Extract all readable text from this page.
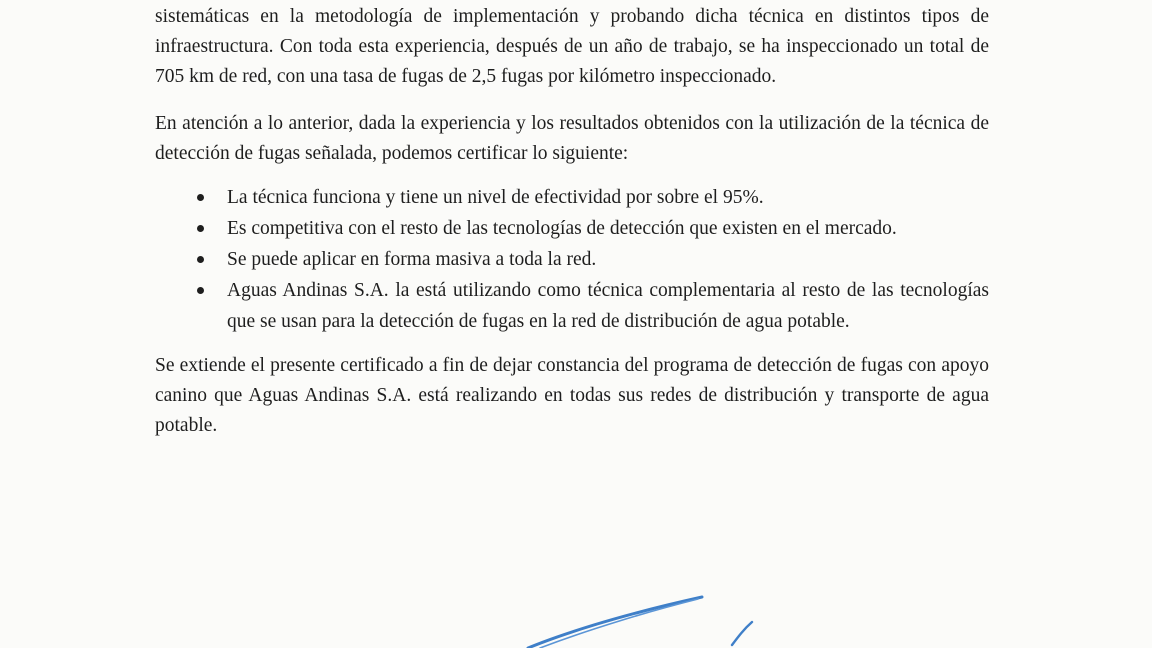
sistemáticas en la metodología de implementación y probando dicha técnica en distintos tipos de infraestructura. Con toda esta experiencia, después de un año de trabajo, se ha inspeccionado un total de 705 km de red, con una tasa de fugas de 2,5 fugas por kilómetro inspeccionado.

En atención a lo anterior, dada la experiencia y los resultados obtenidos con la utilización de la técnica de detección de fugas señalada, podemos certificar lo siguiente:

La técnica funciona y tiene un nivel de efectividad por sobre el 95%.
Es competitiva con el resto de las tecnologías de detección que existen en el mercado.
Se puede aplicar en forma masiva a toda la red.
Aguas Andinas S.A. la está utilizando como técnica complementaria al resto de las tecnologías que se usan para la detección de fugas en la red de distribución de agua potable.

Se extiende el presente certificado a fin de dejar constancia del programa de detección de fugas con apoyo canino que Aguas Andinas S.A. está realizando en todas sus redes de distribución y transporte de agua potable.
